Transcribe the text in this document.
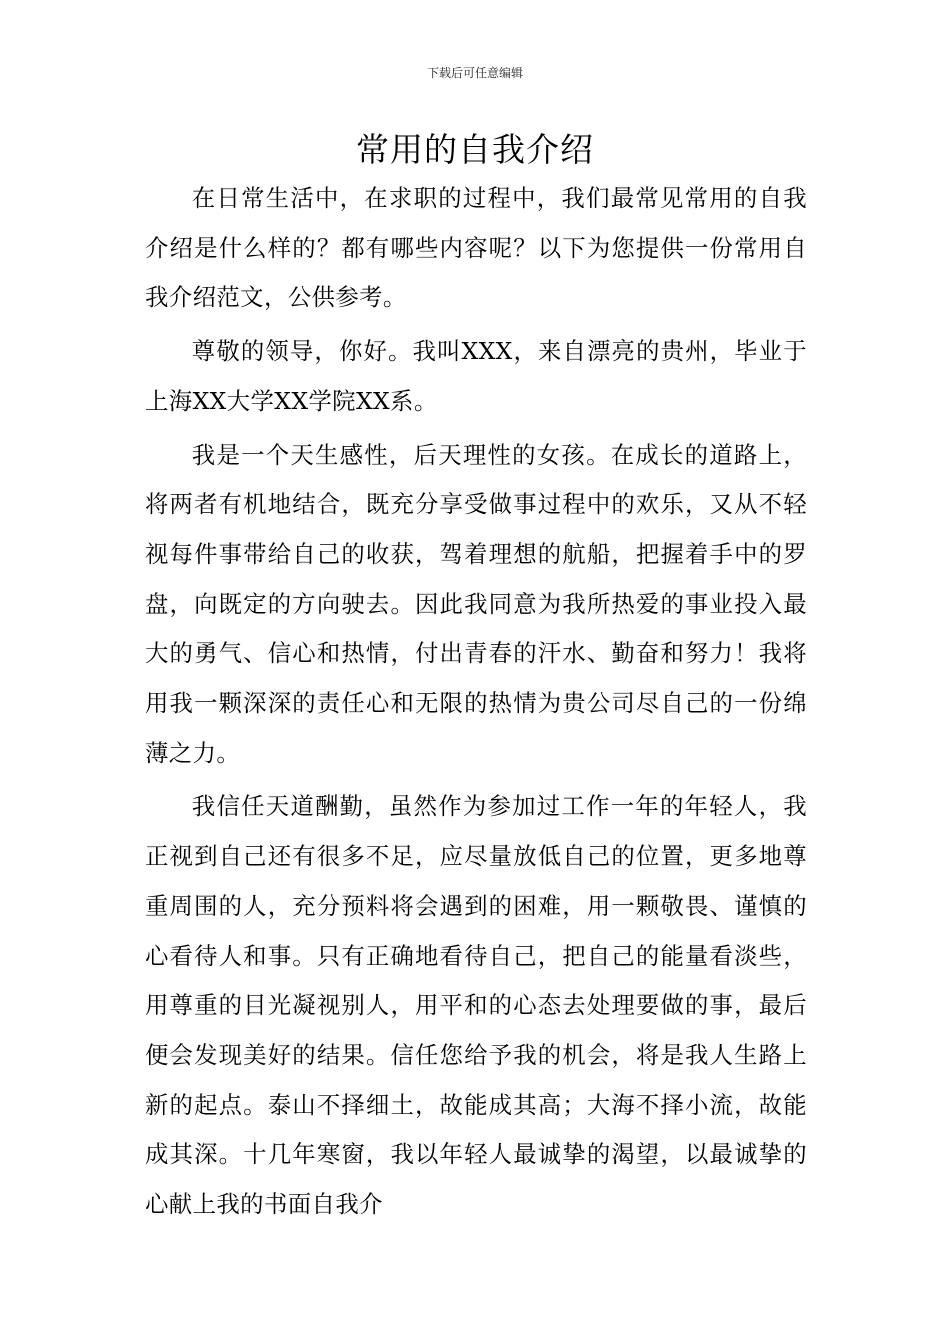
下载后可任意编辑
常用的自我介绍

在日常生活中，在求职的过程中，我们最常见常用的自我介绍是什么样的？都有哪些内容呢？以下为您提供一份常用自我介绍范文，公供参考。

尊敬的领导，你好。我叫XXX，来自漂亮的贵州，毕业于上海XX大学XX学院XX系。

我是一个天生感性，后天理性的女孩。在成长的道路上，将两者有机地结合，既充分享受做事过程中的欢乐，又从不轻视每件事带给自己的收获，驾着理想的航船，把握着手中的罗盘，向既定的方向驶去。因此我同意为我所热爱的事业投入最大的勇气、信心和热情，付出青春的汗水、勤奋和努力！我将用我一颗深深的责任心和无限的热情为贵公司尽自己的一份绵薄之力。

我信任天道酬勤，虽然作为参加过工作一年的年轻人，我正视到自己还有很多不足，应尽量放低自己的位置，更多地尊重周围的人，充分预料将会遇到的困难，用一颗敬畏、谨慎的心看待人和事。只有正确地看待自己，把自己的能量看淡些，用尊重的目光凝视别人，用平和的心态去处理要做的事，最后便会发现美好的结果。信任您给予我的机会，将是我人生路上新的起点。泰山不择细土，故能成其高；大海不择小流，故能成其深。十几年寒窗，我以年轻人最诚挚的渴望，以最诚挚的心献上我的书面自我介
